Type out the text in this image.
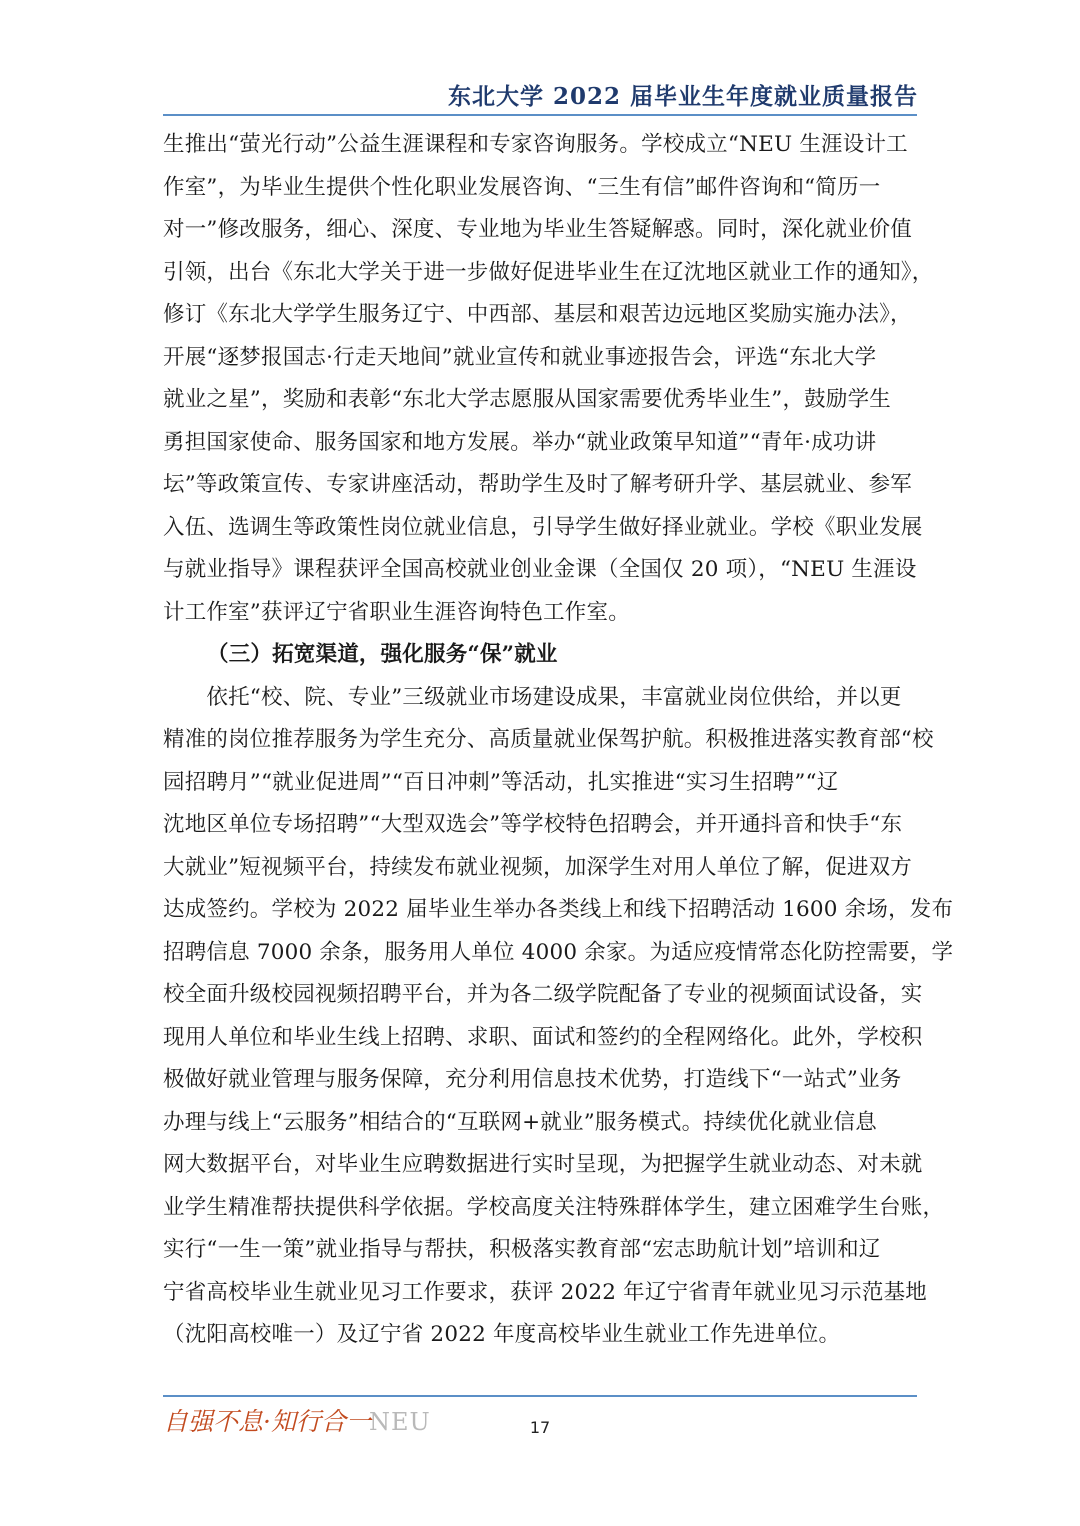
东北大学 2022 届毕业生年度就业质量报告
生推出“萤光行动”公益生涯课程和专家咨询服务。学校成立“NEU 生涯设计工
作室”，为毕业生提供个性化职业发展咨询、“三生有信”邮件咨询和“简历一
对一”修改服务，细心、深度、专业地为毕业生答疑解惑。同时，深化就业价值
引领，出台《东北大学关于进一步做好促进毕业生在辽沈地区就业工作的通知》，
修订《东北大学学生服务辽宁、中西部、基层和艰苦边远地区奖励实施办法》，
开展“逐梦报国志·行走天地间”就业宣传和就业事迹报告会，评选“东北大学
就业之星”，奖励和表彰“东北大学志愿服从国家需要优秀毕业生”，鼓励学生
勇担国家使命、服务国家和地方发展。举办“就业政策早知道”“青年·成功讲
坛”等政策宣传、专家讲座活动，帮助学生及时了解考研升学、基层就业、参军
入伍、选调生等政策性岗位就业信息，引导学生做好择业就业。学校《职业发展
与就业指导》课程获评全国高校就业创业金课（全国仅 20 项），“NEU 生涯设
计工作室”获评辽宁省职业生涯咨询特色工作室。
（三）拓宽渠道，强化服务“保”就业
　　依托“校、院、专业”三级就业市场建设成果，丰富就业岗位供给，并以更
精准的岗位推荐服务为学生充分、高质量就业保驾护航。积极推进落实教育部“校
园招聘月”“就业促进周”“百日冲刺”等活动，扎实推进“实习生招聘”“辽
沈地区单位专场招聘”“大型双选会”等学校特色招聘会，并开通抖音和快手“东
大就业”短视频平台，持续发布就业视频，加深学生对用人单位了解，促进双方
达成签约。学校为 2022 届毕业生举办各类线上和线下招聘活动 1600 余场，发布
招聘信息 7000 余条，服务用人单位 4000 余家。为适应疫情常态化防控需要，学
校全面升级校园视频招聘平台，并为各二级学院配备了专业的视频面试设备，实
现用人单位和毕业生线上招聘、求职、面试和签约的全程网络化。此外，学校积
极做好就业管理与服务保障，充分利用信息技术优势，打造线下“一站式”业务
办理与线上“云服务”相结合的“互联网+就业”服务模式。持续优化就业信息
网大数据平台，对毕业生应聘数据进行实时呈现，为把握学生就业动态、对未就
业学生精准帮扶提供科学依据。学校高度关注特殊群体学生，建立困难学生台账，
实行“一生一策”就业指导与帮扶，积极落实教育部“宏志助航计划”培训和辽
宁省高校毕业生就业见习工作要求，获评 2022 年辽宁省青年就业见习示范基地
（沈阳高校唯一）及辽宁省 2022 年度高校毕业生就业工作先进单位。
自强不息·知行合一NEU	17
